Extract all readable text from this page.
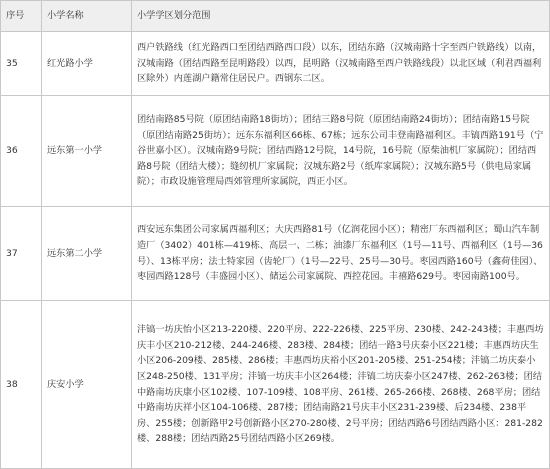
序号	小学名称	小学学区划分范围
35	红光路小学	西户铁路线（红光路西口至团结西路西口段）以东，团结东路（汉城南路十字至西户铁路线）以南，汉城南路（团结西路至昆明路段）以西，昆明路（汉城南路至西户铁路线段）以北区域（利君西福利区除外）内莲湖户籍常住居民户。西钢东二区。
36	远东第一小学	团结南路85号院（原团结南路18街坊）；团结三路8号院（原团结南路24街坊）；团结南路15号院（原团结南路25街坊）；远东东福利区66栋、67栋；远东公司丰登南路福利区。丰镐西路191号（宁谷世嘉小区）。汉城南路9号院；团结西路12号院，14号院，16号院（原柴油机厂家属院）；团结西路8号院（团结大楼）；缝纫机厂家属院；汉城东路2号（纸库家属院）；汉城东路5号（供电局家属院）；市政设施管理局西郊管理所家属院，西正小区。
37	远东第二小学	西安远东集团公司家属西福利区；大庆西路81号（亿润花园小区）；精密厂东西福利区；蜀山汽车制造厂（3402）401栋—419栋、高层一、二栋；油漆厂东福利区（1号—11号、西福利区（1号—36号）、13栋平房；法士特家园（齿轮厂）（1号—22号、25号—30号。枣园西路160号（鑫荷佳园）、枣园西路128号（丰盛园小区）、储运公司家属院、西控花园。丰禧路629号。枣园南路100号。
38	庆安小学	沣镐一坊庆怡小区213-220楼、220平房、222-226楼、225平房、230楼、242-243楼；丰惠西坊庆丰小区210-212楼、244-246楼、283楼、284楼；团结一路3号庆泰小区221楼；丰惠西坊庆生小区206-209楼、285楼、286楼；丰惠西坊庆裕小区201-205楼、251-254楼；沣镐二坊庆泰小区248-250楼、131平房；沣镐一坊庆丰小区264楼；沣镐二坊庆泰小区247楼、262-263楼；团结中路南坊庆康小区102楼、107-109楼、108平房、261楼、265-266楼、268楼、268平房；团结中路南坊庆祥小区104-106楼、287楼；团结南路21号庆丰小区231-239楼、后234楼、238平房、255楼；创新路甲2号创新路小区270-280楼、2号平房；团结西路6号团结西路小区：281-282楼、288楼；团结西路25号团结西路小区269楼。
